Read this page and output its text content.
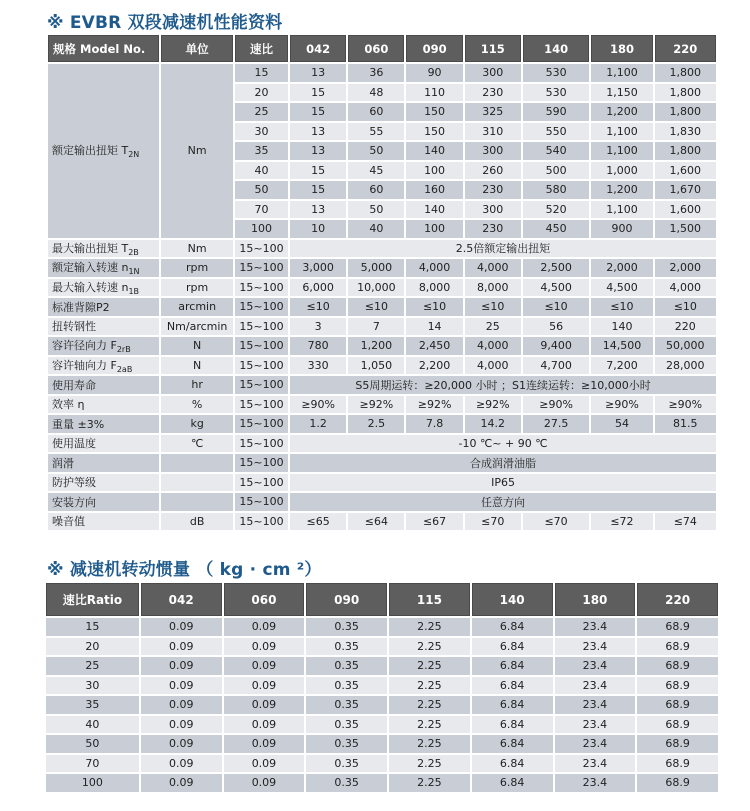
※ EVBR 双段减速机性能资料
规格 Model No.	单位	速比	042	060	090	115	140	180	220
额定输出扭矩 $T_{2N}$	Nm	15	13	36	90	300	530	1,100	1,800
		20	15	48	110	230	530	1,150	1,800
		25	15	60	150	325	590	1,200	1,800
		30	13	55	150	310	550	1,100	1,830
		35	13	50	140	300	540	1,100	1,800
		40	15	45	100	260	500	1,000	1,600
		50	15	60	160	230	580	1,200	1,670
		70	13	50	140	300	520	1,100	1,600
		100	10	40	100	230	450	900	1,500
最大输出扭矩 $T_{2B}$	Nm	15~100	2.5倍额定输出扭矩						
额定输入转速 $n_{1N}$	rpm	15~100	3,000	5,000	4,000	4,000	2,500	2,000	2,000
最大输入转速 $n_{1B}$	rpm	15~100	6,000	10,000	8,000	8,000	4,500	4,500	4,000
标准背隙P2	arcmin	15~100	≤10	≤10	≤10	≤10	≤10	≤10	≤10
扭转钢性	Nm/arcmin	15~100	3	7	14	25	56	140	220
容许径向力 $F_{2rB}$	N	15~100	780	1,200	2,450	4,000	9,400	14,500	50,000
容许轴向力 $F_{2aB}$	N	15~100	330	1,050	2,200	4,000	4,700	7,200	28,000
使用寿命	hr	15~100	S5周期运转：≥20,000 小时 ；S1连续运转：≥10,000小时						
效率 η	%	15~100	≥90%	≥92%	≥92%	≥92%	≥90%	≥90%	≥90%
重量 ±3%	kg	15~100	1.2	2.5	7.8	14.2	27.5	54	81.5
使用温度	℃	15~100	-10 ℃~ + 90 ℃						
润滑		15~100	合成润滑油脂						
防护等级		15~100	IP65						
安装方向		15~100	任意方向						
噪音值	dB	15~100	≤65	≤64	≤67	≤70	≤70	≤72	≤74
※ 减速机转动惯量 （ kg · cm ²）
速比Ratio	042	060	090	115	140	180	220
15	0.09	0.09	0.35	2.25	6.84	23.4	68.9
20	0.09	0.09	0.35	2.25	6.84	23.4	68.9
25	0.09	0.09	0.35	2.25	6.84	23.4	68.9
30	0.09	0.09	0.35	2.25	6.84	23.4	68.9
35	0.09	0.09	0.35	2.25	6.84	23.4	68.9
40	0.09	0.09	0.35	2.25	6.84	23.4	68.9
50	0.09	0.09	0.35	2.25	6.84	23.4	68.9
70	0.09	0.09	0.35	2.25	6.84	23.4	68.9
100	0.09	0.09	0.35	2.25	6.84	23.4	68.9
